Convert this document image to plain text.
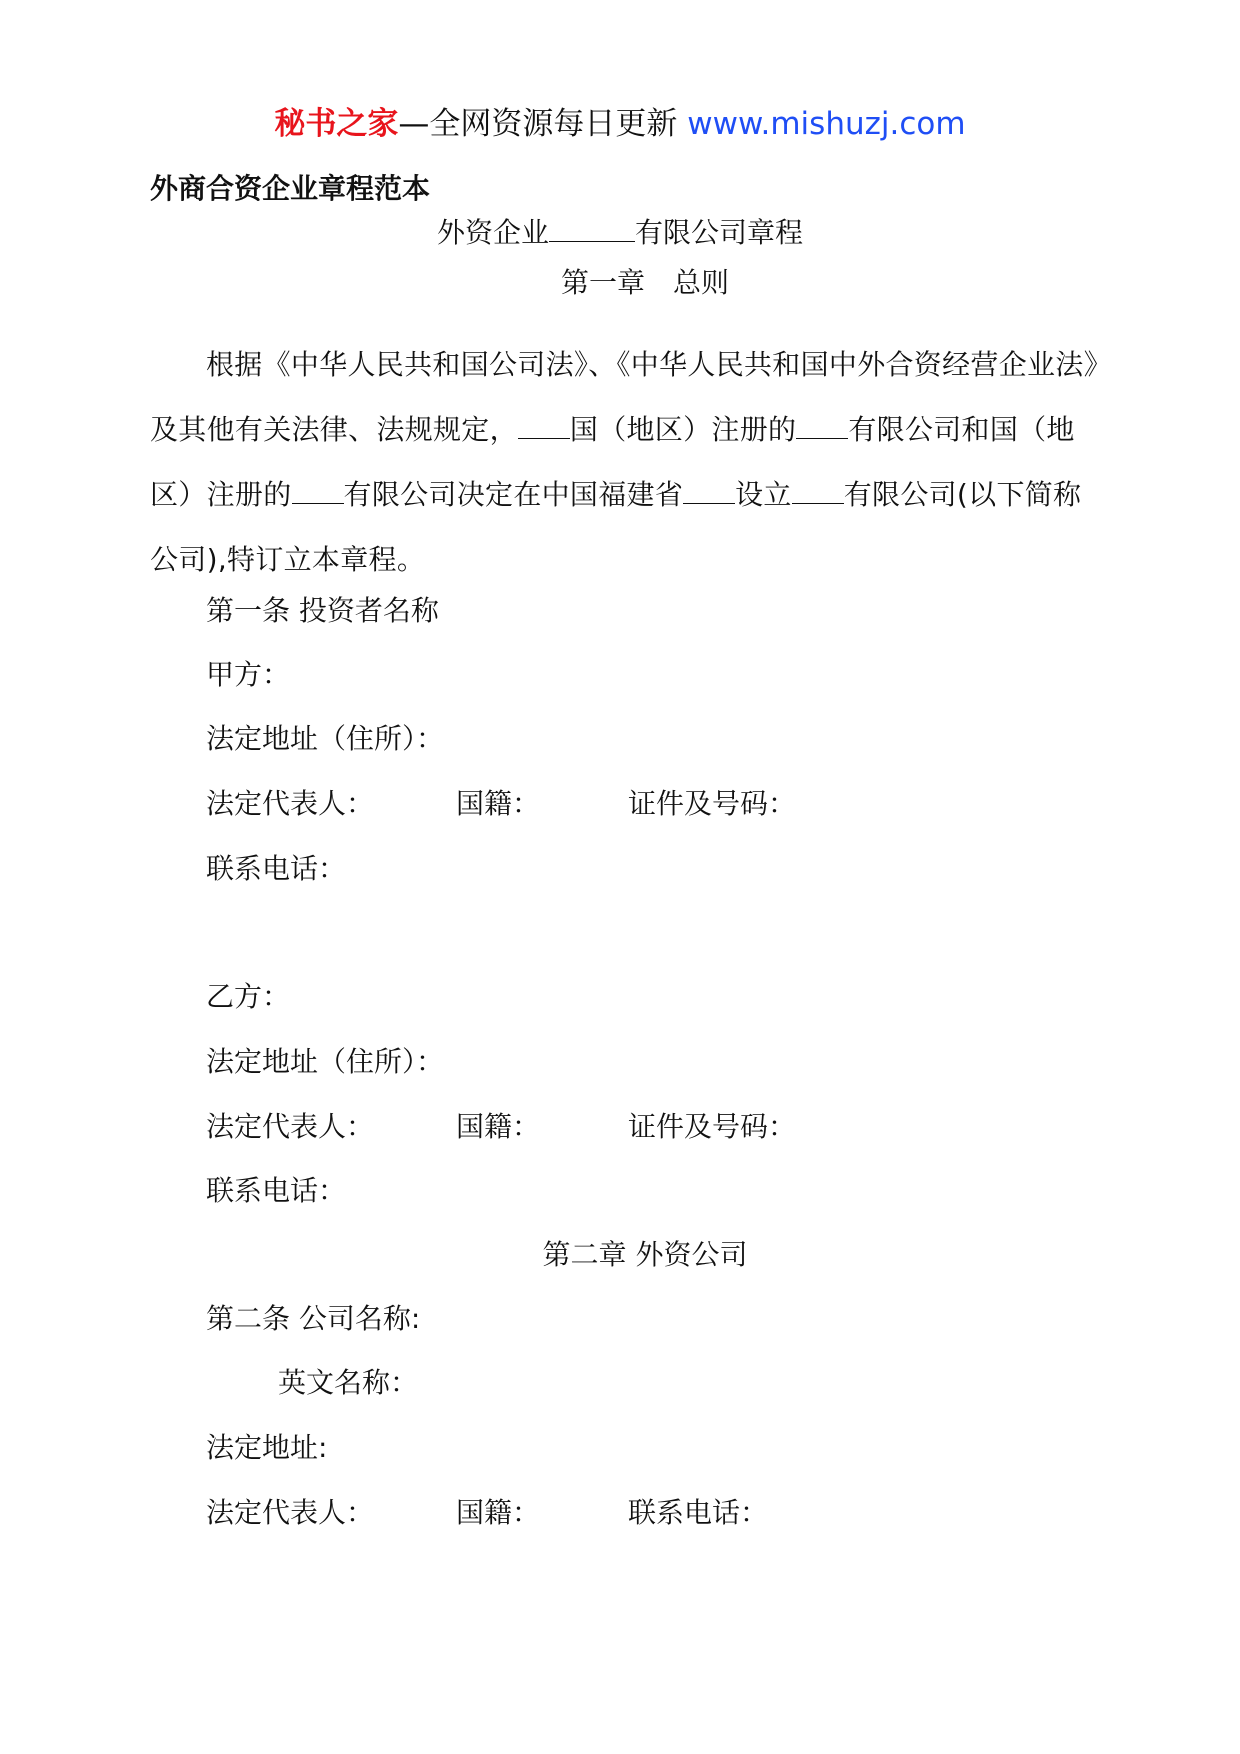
秘书之家—全网资源每日更新 www.mishuzj.com
外商合资企业章程范本
外资企业	有限公司章程
第一章　总则
根据《中华人民共和国公司法》、《中华人民共和国中外合资经营企业法》及其他有关法律、法规规定， 国（地区）注册的 有限公司和国（地区）注册的 有限公司决定在中国福建省 设立 有限公司(以下简称公司),特订立本章程。
第一条 投资者名称
甲方：
法定地址（住所）：
法定代表人：	国籍：	证件及号码：
联系电话：
乙方：
法定地址（住所）：
法定代表人：	国籍：	证件及号码：
联系电话：
第二章 外资公司
第二条 公司名称:
英文名称：
法定地址:
法定代表人：	国籍：	联系电话：
